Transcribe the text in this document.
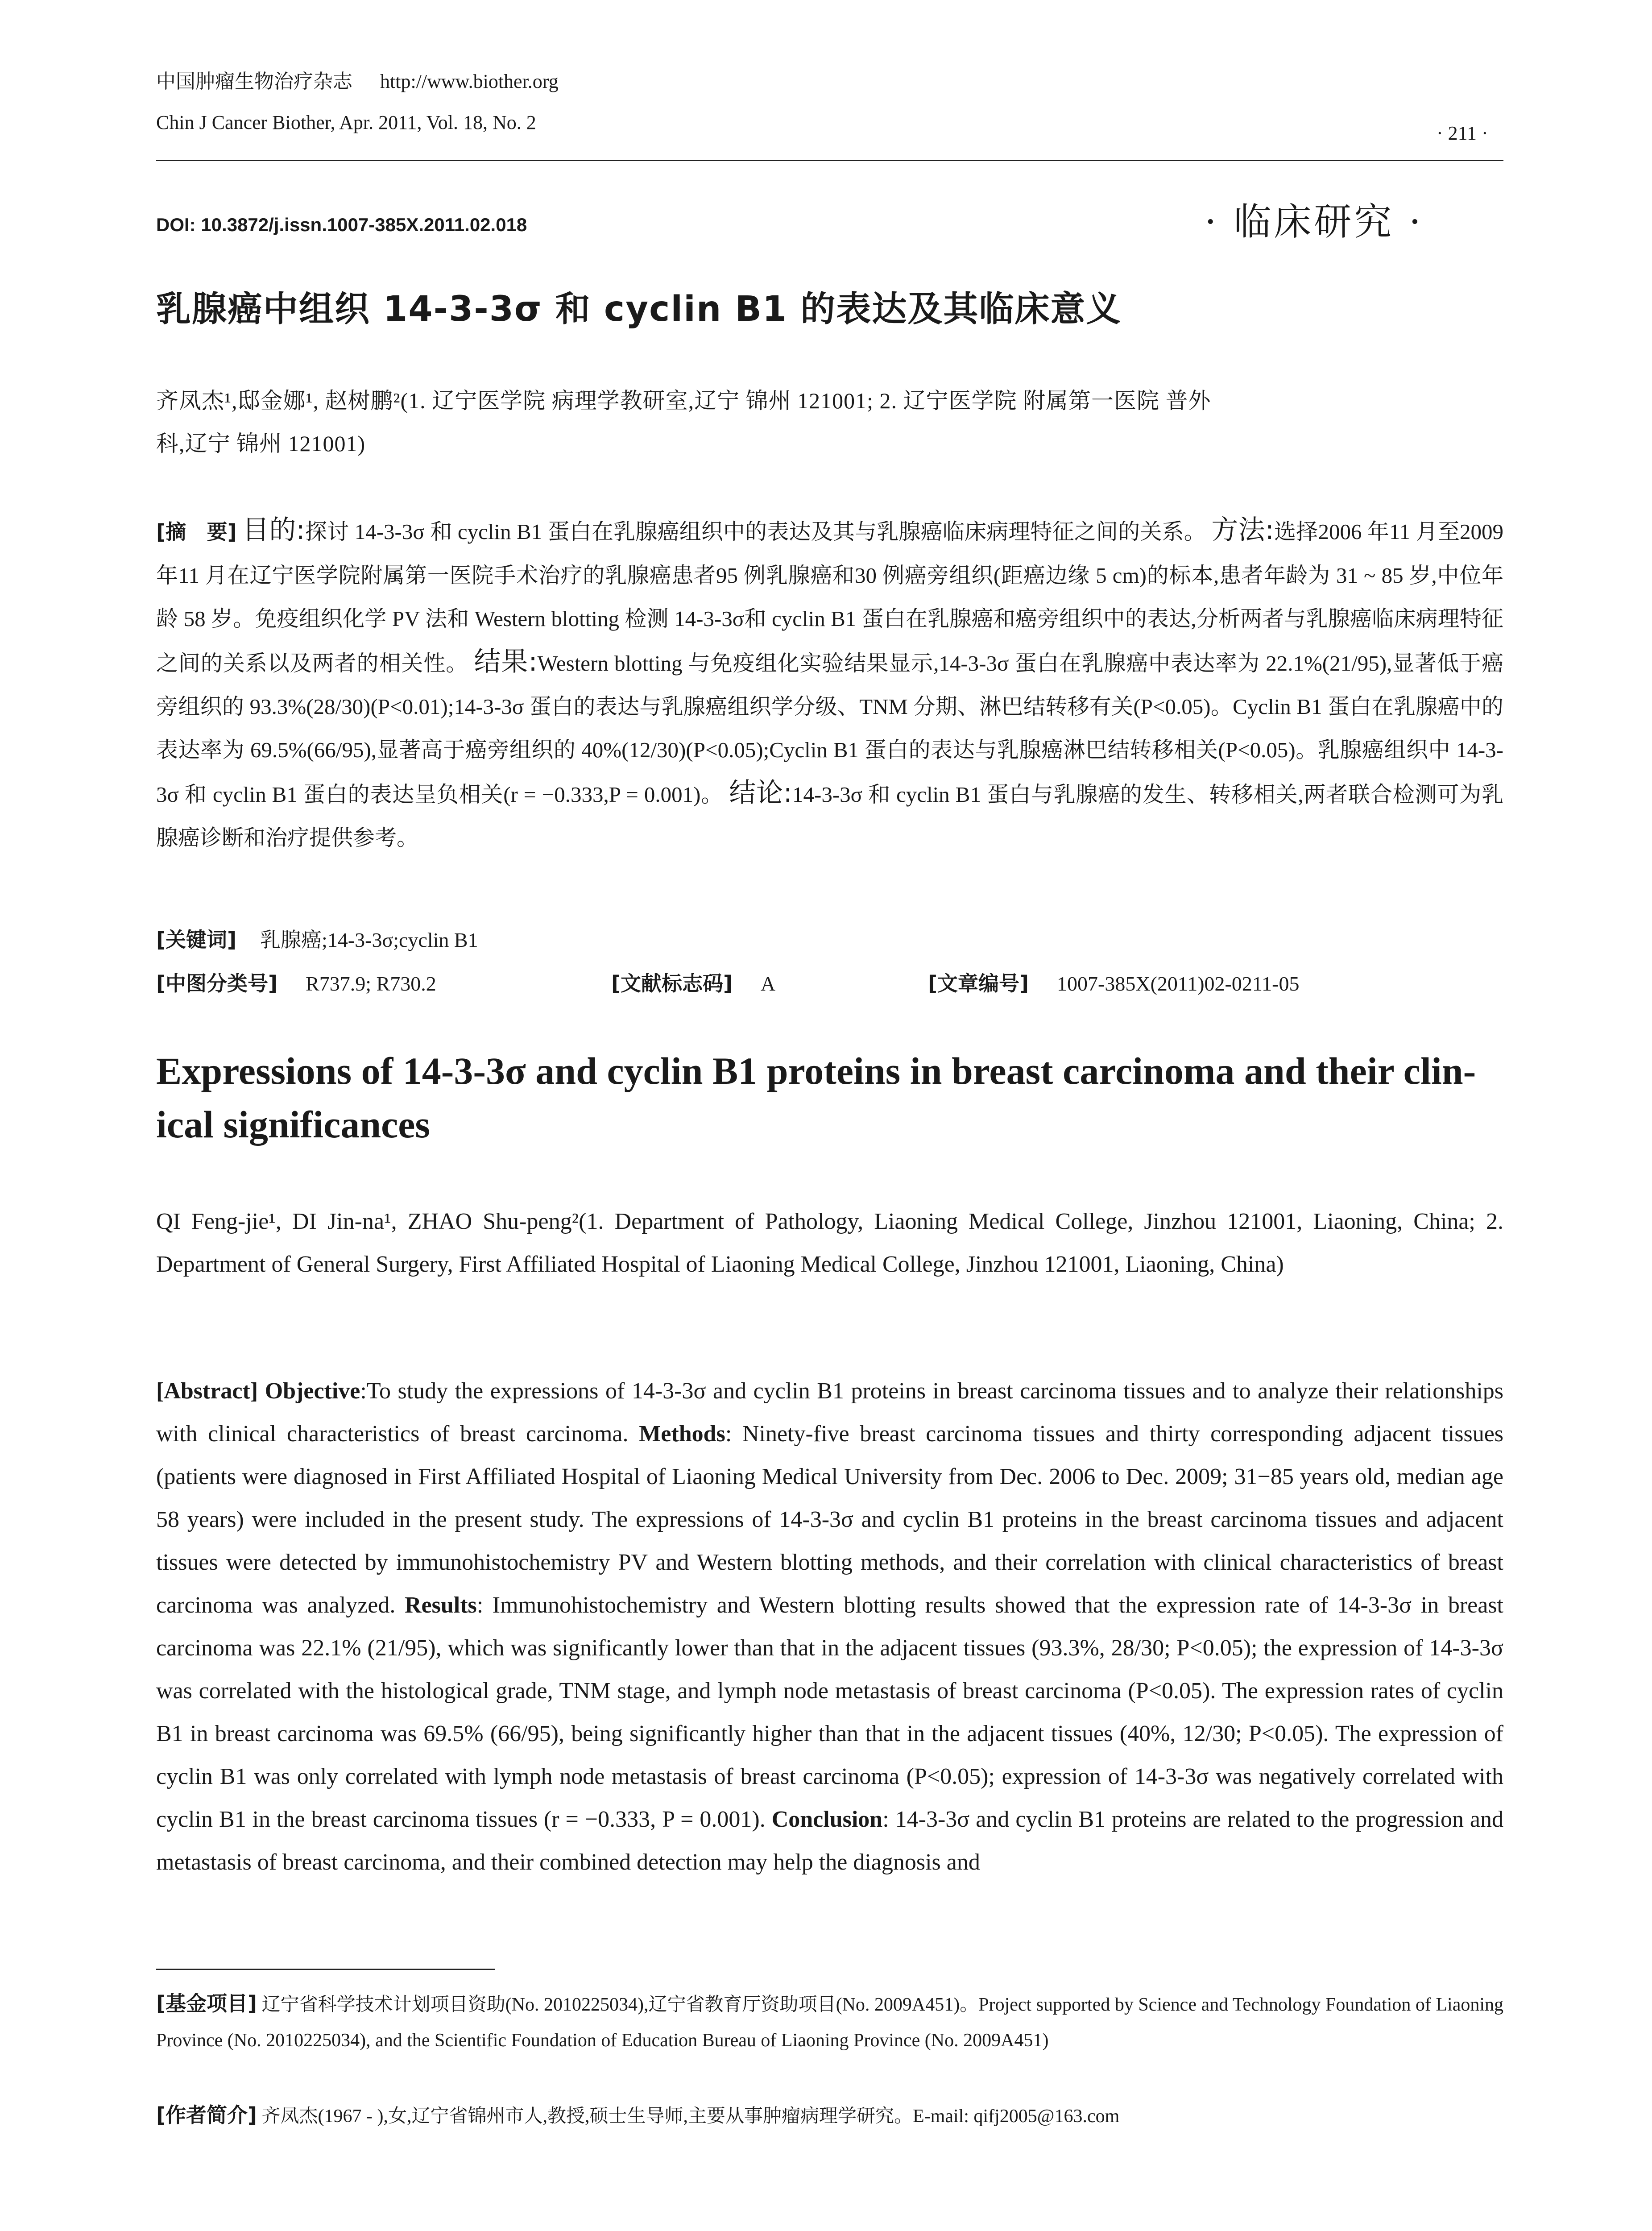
中国肿瘤生物治疗杂志 http://www.biother.org
Chin J Cancer Biother, Apr. 2011, Vol. 18, No. 2	· 211 ·
DOI: 10.3872/j.issn.1007-385X.2011.02.018	· 临床研究 ·
乳腺癌中组织 14-3-3σ 和 cyclin B1 的表达及其临床意义
齐凤杰¹,邸金娜¹, 赵树鹏²(1. 辽宁医学院 病理学教研室,辽宁 锦州 121001; 2. 辽宁医学院 附属第一医院 普外
科,辽宁 锦州 121001)
[摘　要] 目的:探讨 14-3-3σ 和 cyclin B1 蛋白在乳腺癌组织中的表达及其与乳腺癌临床病理特征之间的关系。 方法:选择2006 年11 月至2009 年11 月在辽宁医学院附属第一医院手术治疗的乳腺癌患者95 例乳腺癌和30 例癌旁组织(距癌边缘 5 cm)的标本,患者年龄为 31 ~ 85 岁,中位年龄 58 岁。免疫组织化学 PV 法和 Western blotting 检测 14-3-3σ和 cyclin B1 蛋白在乳腺癌和癌旁组织中的表达,分析两者与乳腺癌临床病理特征之间的关系以及两者的相关性。 结果:Western blotting 与免疫组化实验结果显示,14-3-3σ 蛋白在乳腺癌中表达率为 22.1%(21/95),显著低于癌旁组织的 93.3%(28/30)(P<0.01);14-3-3σ 蛋白的表达与乳腺癌组织学分级、TNM 分期、淋巴结转移有关(P<0.05)。Cyclin B1 蛋白在乳腺癌中的表达率为 69.5%(66/95),显著高于癌旁组织的 40%(12/30)(P<0.05);Cyclin B1 蛋白的表达与乳腺癌淋巴结转移相关(P<0.05)。乳腺癌组织中 14-3-3σ 和 cyclin B1 蛋白的表达呈负相关(r = −0.333,P = 0.001)。 结论:14-3-3σ 和 cyclin B1 蛋白与乳腺癌的发生、转移相关,两者联合检测可为乳腺癌诊断和治疗提供参考。
[关键词] 乳腺癌;14-3-3σ;cyclin B1
[中图分类号] R737.9; R730.2	[文献标志码] A	[文章编号] 1007-385X(2011)02-0211-05
Expressions of 14-3-3σ and cyclin B1 proteins in breast carcinoma and their clin-
ical significances
QI Feng-jie¹, DI Jin-na¹, ZHAO Shu-peng²(1. Department of Pathology, Liaoning Medical College, Jinzhou 121001, Liaoning, China; 2. Department of General Surgery, First Affiliated Hospital of Liaoning Medical College, Jinzhou 121001, Liaoning, China)
[Abstract] Objective:To study the expressions of 14-3-3σ and cyclin B1 proteins in breast carcinoma tissues and to analyze their relationships with clinical characteristics of breast carcinoma. Methods: Ninety-five breast carcinoma tissues and thirty corresponding adjacent tissues (patients were diagnosed in First Affiliated Hospital of Liaoning Medical University from Dec. 2006 to Dec. 2009; 31−85 years old, median age 58 years) were included in the present study. The expressions of 14-3-3σ and cyclin B1 proteins in the breast carcinoma tissues and adjacent tissues were detected by immunohistochemistry PV and Western blotting methods, and their correlation with clinical characteristics of breast carcinoma was analyzed. Results: Immunohistochemistry and Western blotting results showed that the expression rate of 14-3-3σ in breast carcinoma was 22.1% (21/95), which was significantly lower than that in the adjacent tissues (93.3%, 28/30; P<0.05); the expression of 14-3-3σ was correlated with the histological grade, TNM stage, and lymph node metastasis of breast carcinoma (P<0.05). The expression rates of cyclin B1 in breast carcinoma was 69.5% (66/95), being significantly higher than that in the adjacent tissues (40%, 12/30; P<0.05). The expression of cyclin B1 was only correlated with lymph node metastasis of breast carcinoma (P<0.05); expression of 14-3-3σ was negatively correlated with cyclin B1 in the breast carcinoma tissues (r = −0.333, P = 0.001). Conclusion: 14-3-3σ and cyclin B1 proteins are related to the progression and metastasis of breast carcinoma, and their combined detection may help the diagnosis and
[基金项目] 辽宁省科学技术计划项目资助(No. 2010225034),辽宁省教育厅资助项目(No. 2009A451)。Project supported by Science and Technology Foundation of Liaoning Province (No. 2010225034), and the Scientific Foundation of Education Bureau of Liaoning Province (No. 2009A451)
[作者简介] 齐凤杰(1967 - ),女,辽宁省锦州市人,教授,硕士生导师,主要从事肿瘤病理学研究。E-mail: qifj2005@163.com
